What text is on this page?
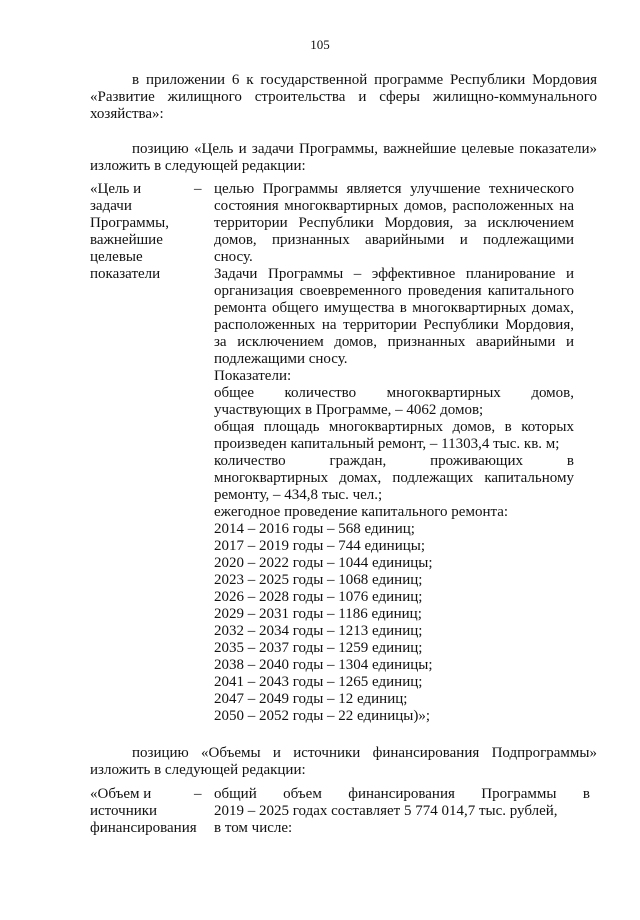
105
в приложении 6 к государственной программе Республики Мордовия
«Развитие жилищного строительства и сферы жилищно-коммунального
хозяйства»:
позицию «Цель и задачи Программы, важнейшие целевые показатели»
изложить в следующей редакции:
«Цель и
задачи
Программы,
важнейшие
целевые
показатели
– целью Программы является улучшение технического
состояния многоквартирных домов, расположенных на
территории Республики Мордовия, за исключением
домов, признанных аварийными и подлежащими
сносу.
Задачи Программы – эффективное планирование и
организация своевременного проведения капитального
ремонта общего имущества в многоквартирных домах,
расположенных на территории Республики Мордовия,
за исключением домов, признанных аварийными и
подлежащими сносу.
Показатели:
общее количество многоквартирных домов,
участвующих в Программе, – 4062 домов;
общая площадь многоквартирных домов, в которых
произведен капитальный ремонт, – 11303,4 тыс. кв. м;
количество граждан, проживающих в
многоквартирных домах, подлежащих капитальному
ремонту, – 434,8 тыс. чел.;
ежегодное проведение капитального ремонта:
2014 – 2016 годы – 568 единиц;
2017 – 2019 годы – 744 единицы;
2020 – 2022 годы – 1044 единицы;
2023 – 2025 годы – 1068 единиц;
2026 – 2028 годы – 1076 единиц;
2029 – 2031 годы – 1186 единиц;
2032 – 2034 годы – 1213 единиц;
2035 – 2037 годы – 1259 единиц;
2038 – 2040 годы – 1304 единицы;
2041 – 2043 годы – 1265 единиц;
2047 – 2049 годы – 12 единиц;
2050 – 2052 годы – 22 единицы)»;
позицию «Объемы и источники финансирования Подпрограммы»
изложить в следующей редакции:
«Объем и
источники
финансирования
– общий объем финансирования Программы в
2019 – 2025 годах составляет 5 774 014,7 тыс. рублей,
в том числе:
